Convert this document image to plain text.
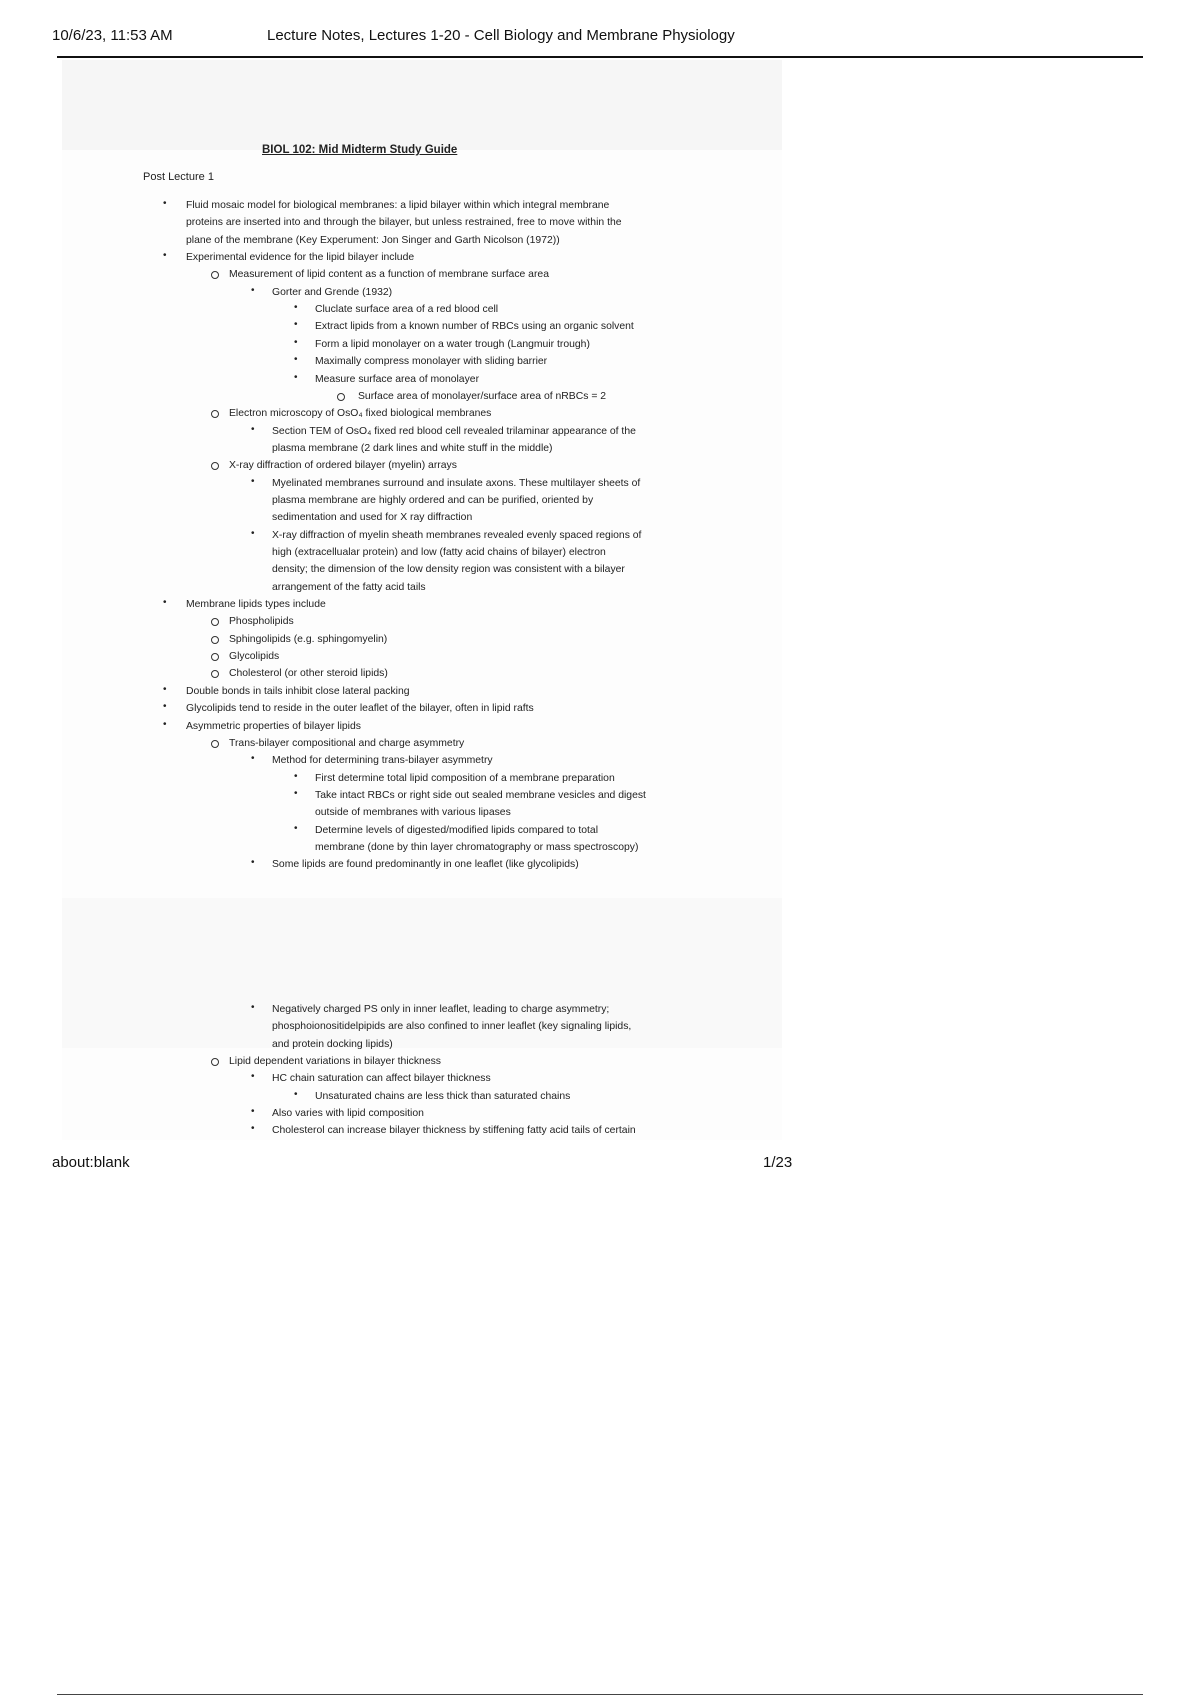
10/6/23, 11:53 AM	Lecture Notes, Lectures 1-20 - Cell Biology and Membrane Physiology
BIOL 102: Mid Midterm Study Guide
Post Lecture 1
Fluid mosaic model for biological membranes: a lipid bilayer within which integral membrane
•
proteins are inserted into and through the bilayer, but unless restrained, free to move within the
plane of the membrane (Key Experument: Jon Singer and Garth Nicolson (1972))
Experimental evidence for the lipid bilayer include
•
Measurement of lipid content as a function of membrane surface area
Gorter and Grende (1932)
•
Cluclate surface area of a red blood cell
•
Extract lipids from a known number of RBCs using an organic solvent
•
Form a lipid monolayer on a water trough (Langmuir trough)
•
Maximally compress monolayer with sliding barrier
•
Measure surface area of monolayer
•
Surface area of monolayer/surface area of nRBCs = 2
Electron microscopy of OsO₄ fixed biological membranes
Section TEM of OsO₄ fixed red blood cell revealed trilaminar appearance of the
•
plasma membrane (2 dark lines and white stuff in the middle)
X-ray diffraction of ordered bilayer (myelin) arrays
Myelinated membranes surround and insulate axons. These multilayer sheets of
•
plasma membrane are highly ordered and can be purified, oriented by
sedimentation and used for X ray diffraction
X-ray diffraction of myelin sheath membranes revealed evenly spaced regions of
•
high (extracellualar protein) and low (fatty acid chains of bilayer) electron
density; the dimension of the low density region was consistent with a bilayer
arrangement of the fatty acid tails
Membrane lipids types include
•
Phospholipids
Sphingolipids (e.g. sphingomyelin)
Glycolipids
Cholesterol (or other steroid lipids)
Double bonds in tails inhibit close lateral packing
•
Glycolipids tend to reside in the outer leaflet of the bilayer, often in lipid rafts
•
Asymmetric properties of bilayer lipids
•
Trans-bilayer compositional and charge asymmetry
Method for determining trans-bilayer asymmetry
•
First determine total lipid composition of a membrane preparation
•
Take intact RBCs or right side out sealed membrane vesicles and digest
•
outside of membranes with various lipases
Determine levels of digested/modified lipids compared to total
•
membrane (done by thin layer chromatography or mass spectroscopy)
Some lipids are found predominantly in one leaflet (like glycolipids)
•
Negatively charged PS only in inner leaflet, leading to charge asymmetry;
•
phosphoionositidelpipids are also confined to inner leaflet (key signaling lipids,
and protein docking lipids)
Lipid dependent variations in bilayer thickness
HC chain saturation can affect bilayer thickness
•
Unsaturated chains are less thick than saturated chains
•
Also varies with lipid composition
•
Cholesterol can increase bilayer thickness by stiffening fatty acid tails of certain
•
about:blank	1/23
